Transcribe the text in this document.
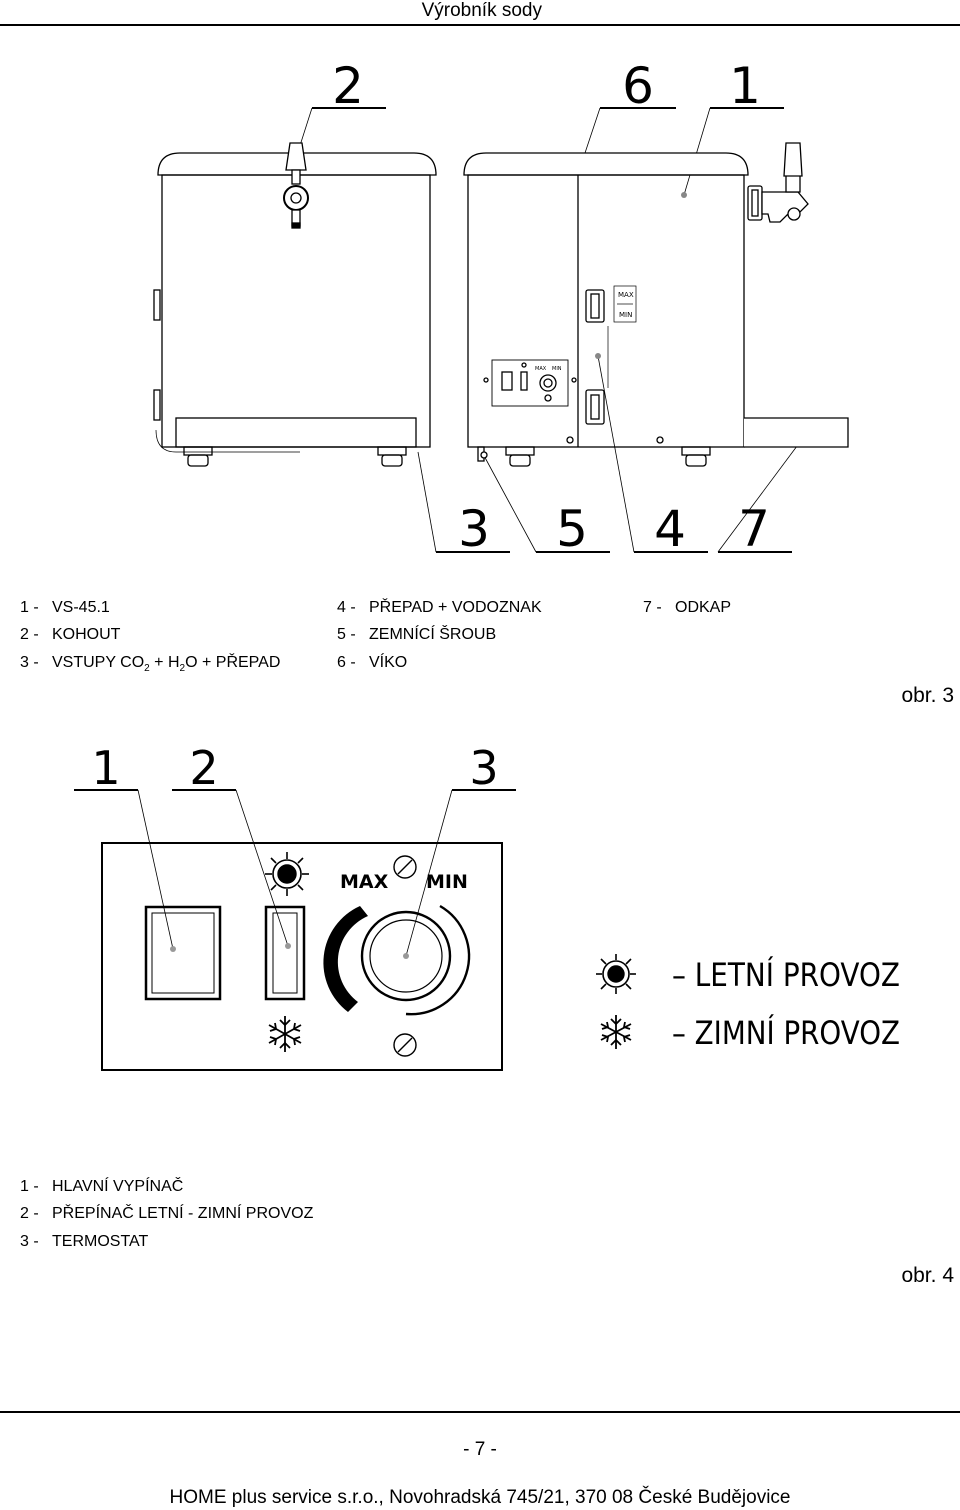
Výrobník sody
2	6 1
3 5 4 7
MAX
MIN
MAX MIN
1 - VS-45.1
2 - KOHOUT
3 - VSTUPY $CO_2 + H_2O$ + PŘEPAD
4 - PŘEPAD + VODOZNAK
5 - ZEMNÍCÍ ŠROUB
6 - VÍKO
7 - ODKAP
obr. 3
1 2	3
MAX MIN
– LETNÍ PROVOZ
– ZIMNÍ PROVOZ
1 - HLAVNÍ VYPÍNAČ
2 - PŘEPÍNAČ LETNÍ - ZIMNÍ PROVOZ
3 - TERMOSTAT
obr. 4
- 7 -
HOME plus service s.r.o., Novohradská 745/21, 370 08 České Budějovice
